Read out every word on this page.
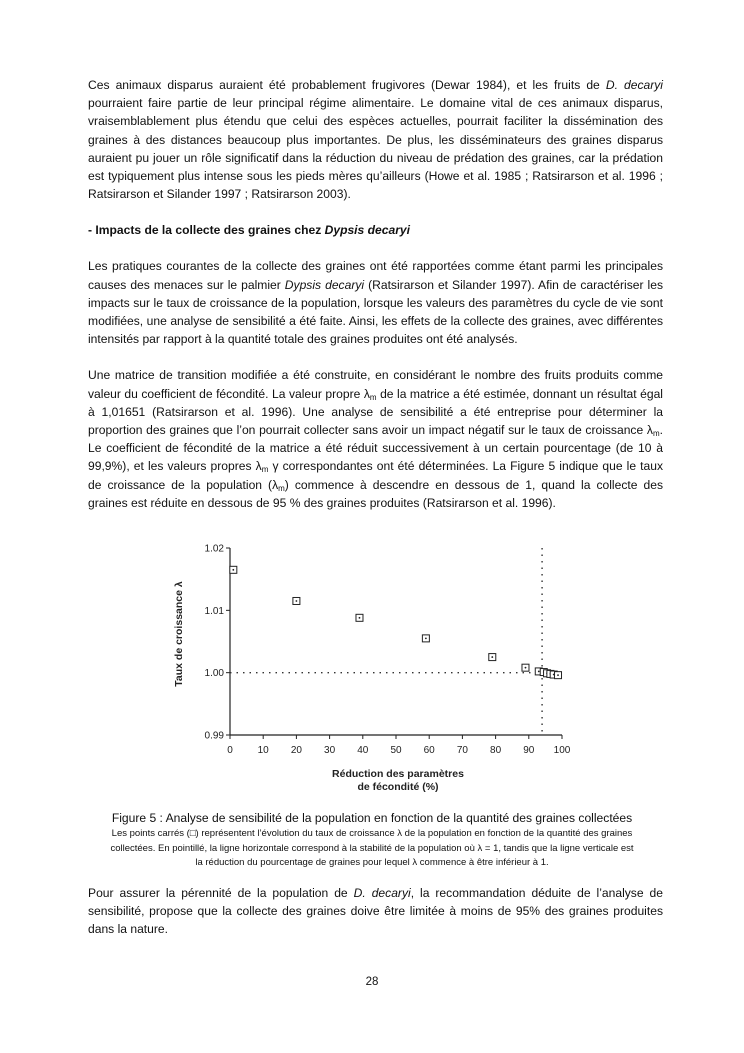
Ces animaux disparus auraient été probablement frugivores (Dewar 1984), et les fruits de D. decaryi pourraient faire partie de leur principal régime alimentaire. Le domaine vital de ces animaux disparus, vraisemblablement plus étendu que celui des espèces actuelles, pourrait faciliter la dissémination des graines à des distances beaucoup plus importantes. De plus, les disséminateurs des graines disparus auraient pu jouer un rôle significatif dans la réduction du niveau de prédation des graines, car la prédation est typiquement plus intense sous les pieds mères qu’ailleurs (Howe et al. 1985 ; Ratsirarson et al. 1996 ; Ratsirarson et Silander 1997 ; Ratsirarson 2003).

- Impacts de la collecte des graines chez Dypsis decaryi

Les pratiques courantes de la collecte des graines ont été rapportées comme étant parmi les principales causes des menaces sur le palmier Dypsis decaryi (Ratsirarson et Silander 1997). Afin de caractériser les impacts sur le taux de croissance de la population, lorsque les valeurs des paramètres du cycle de vie sont modifiées, une analyse de sensibilité a été faite. Ainsi, les effets de la collecte des graines, avec différentes intensités par rapport à la quantité totale des graines produites ont été analysés.

Une matrice de transition modifiée a été construite, en considérant le nombre des fruits produits comme valeur du coefficient de fécondité. La valeur propre $\lambda_m$ de la matrice a été estimée, donnant un résultat égal à 1,01651 (Ratsirarson et al. 1996). Une analyse de sensibilité a été entreprise pour déterminer la proportion des graines que l’on pourrait collecter sans avoir un impact négatif sur le taux de croissance $\lambda_m$. Le coefficient de fécondité de la matrice a été réduit successivement à un certain pourcentage (de 10 à 99,9%), et les valeurs propres $\lambda_m$ γ correspondantes ont été déterminées. La Figure 5 indique que le taux de croissance de la population $(\lambda_m)$ commence à descendre en dessous de 1, quand la collecte des graines est réduite en dessous de 95 % des graines produites (Ratsirarson et al. 1996).

Taux de croissance λ
Réduction des paramètres
de fécondité (%)
0.99
1.00
1.01
1.02
0 10 20 30 40 50 60 70 80 90 100
Figure 5 : Analyse de sensibilité de la population en fonction de la quantité des graines collectées
Les points carrés (□) représentent l’évolution du taux de croissance λ de la population en fonction de la quantité des graines
collectées. En pointillé, la ligne horizontale correspond à la stabilité de la population où λ = 1, tandis que la ligne verticale est
la réduction du pourcentage de graines pour lequel λ commence à être inférieur à 1.

Pour assurer la pérennité de la population de D. decaryi, la recommandation déduite de l’analyse de sensibilité, propose que la collecte des graines doive être limitée à moins de 95% des graines produites dans la nature.

28
